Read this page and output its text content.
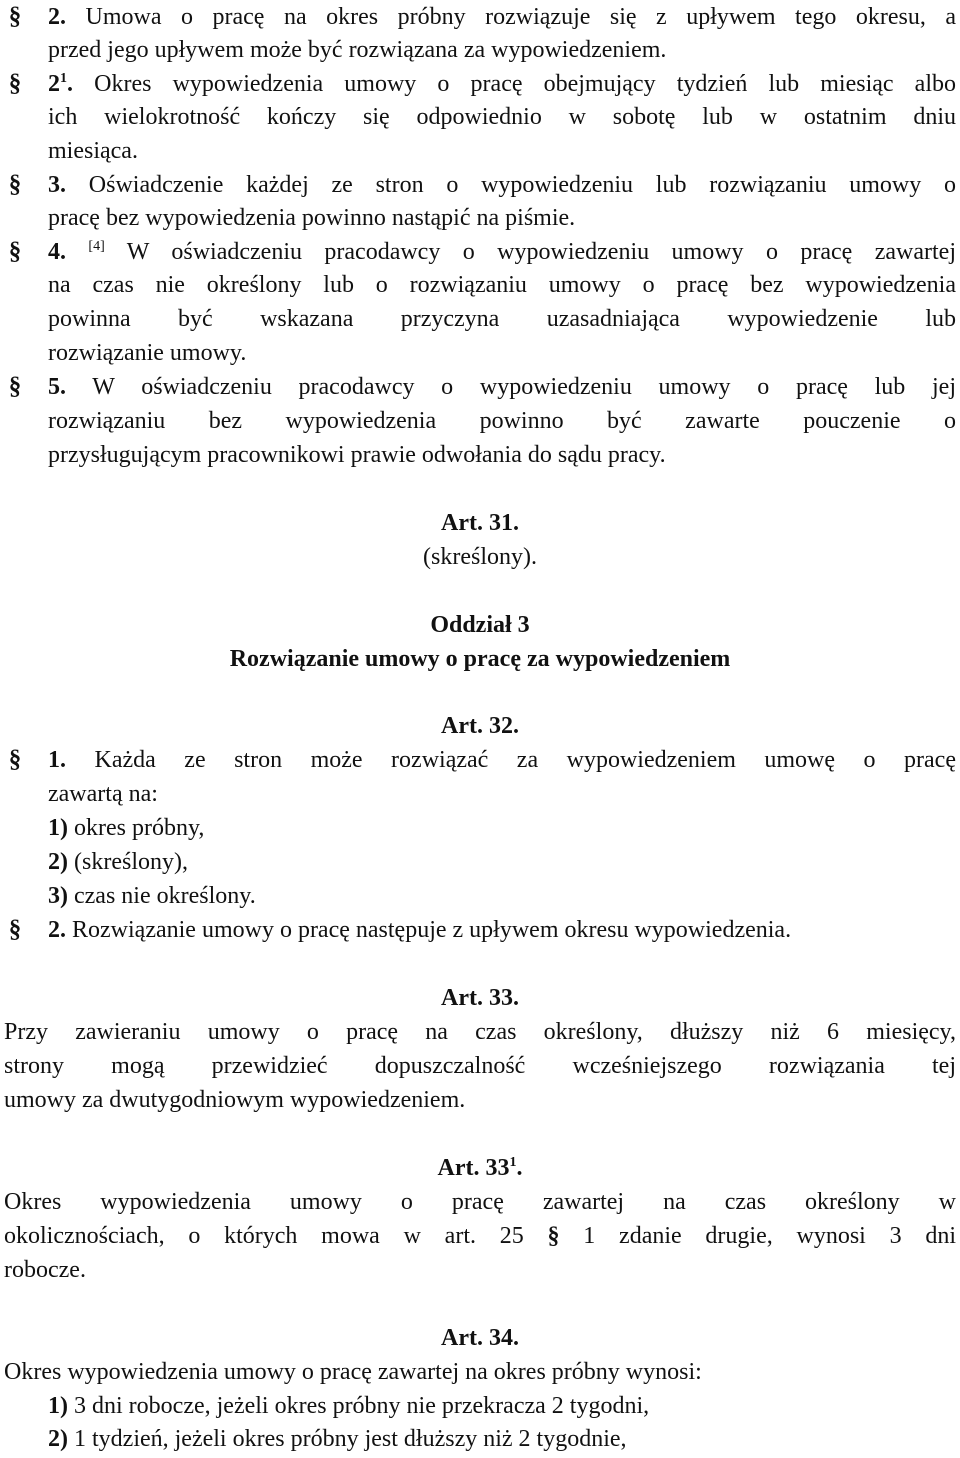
§ 2. Umowa o pracę na okres próbny rozwiązuje się z upływem tego okresu, a
przed jego upływem może być rozwiązana za wypowiedzeniem.
§ $2^1$. Okres wypowiedzenia umowy o pracę obejmujący tydzień lub miesiąc albo
ich wielokrotność kończy się odpowiednio w sobotę lub w ostatnim dniu
miesiąca.
§ 3. Oświadczenie każdej ze stron o wypowiedzeniu lub rozwiązaniu umowy o
pracę bez wypowiedzenia powinno nastąpić na piśmie.
§ 4. [4] W oświadczeniu pracodawcy o wypowiedzeniu umowy o pracę zawartej
na czas nie określony lub o rozwiązaniu umowy o pracę bez wypowiedzenia
powinna być wskazana przyczyna uzasadniająca wypowiedzenie lub
rozwiązanie umowy.
§ 5. W oświadczeniu pracodawcy o wypowiedzeniu umowy o pracę lub jej
rozwiązaniu bez wypowiedzenia powinno być zawarte pouczenie o
przysługującym pracownikowi prawie odwołania do sądu pracy.
Art. 31.
(skreślony).
Oddział 3
Rozwiązanie umowy o pracę za wypowiedzeniem
Art. 32.
§ 1. Każda ze stron może rozwiązać za wypowiedzeniem umowę o pracę
zawartą na:
1) okres próbny,
2) (skreślony),
3) czas nie określony.
§ 2. Rozwiązanie umowy o pracę następuje z upływem okresu wypowiedzenia.
Art. 33.
Przy zawieraniu umowy o pracę na czas określony, dłuższy niż 6 miesięcy,
strony mogą przewidzieć dopuszczalność wcześniejszego rozwiązania tej
umowy za dwutygodniowym wypowiedzeniem.
Art. $33^1$.
Okres wypowiedzenia umowy o pracę zawartej na czas określony w
okolicznościach, o których mowa w art. 25 § 1 zdanie drugie, wynosi 3 dni
robocze.
Art. 34.
Okres wypowiedzenia umowy o pracę zawartej na okres próbny wynosi:
1) 3 dni robocze, jeżeli okres próbny nie przekracza 2 tygodni,
2) 1 tydzień, jeżeli okres próbny jest dłuższy niż 2 tygodnie,
